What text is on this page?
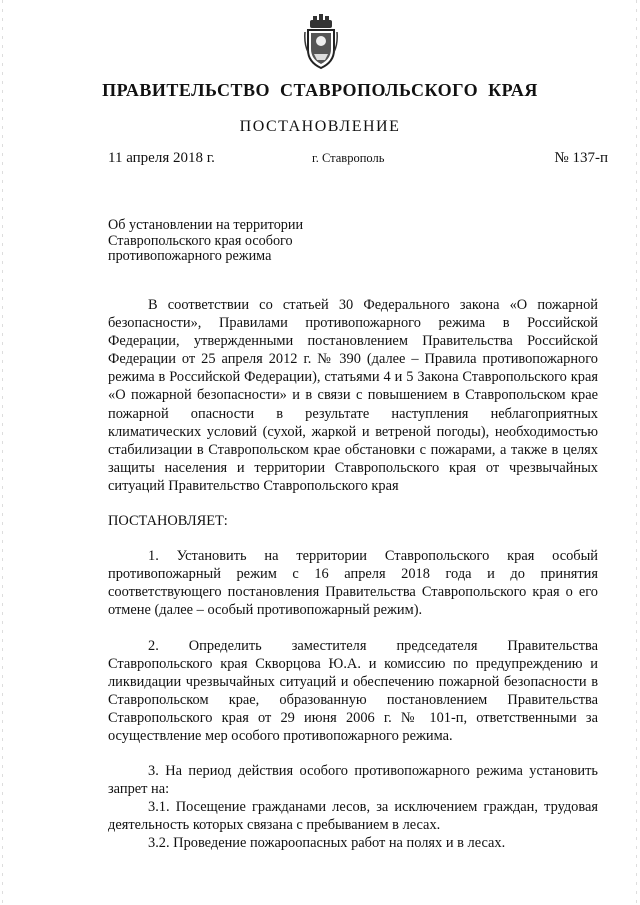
ПРАВИТЕЛЬСТВО СТАВРОПОЛЬСКОГО КРАЯ
ПОСТАНОВЛЕНИЕ
11 апреля 2018 г.	г. Ставрополь	№ 137-п
Об установлении на территории Ставропольского края особого противопожарного режима

В соответствии со статьей 30 Федерального закона «О пожарной безопасности», Правилами противопожарного режима в Российской Федерации, утвержденными постановлением Правительства Российской Федерации от 25 апреля 2012 г. № 390 (далее – Правила противопожарного режима в Российской Федерации), статьями 4 и 5 Закона Ставропольского края «О пожарной безопасности» и в связи с повышением в Ставропольском крае пожарной опасности в результате наступления неблагоприятных климатических условий (сухой, жаркой и ветреной погоды), необходимостью стабилизации в Ставропольском крае обстановки с пожарами, а также в целях защиты населения и территории Ставропольского края от чрезвычайных ситуаций Правительство Ставропольского края

ПОСТАНОВЛЯЕТ:

1. Установить на территории Ставропольского края особый противопожарный режим с 16 апреля 2018 года и до принятия соответствующего постановления Правительства Ставропольского края о его отмене (далее – особый противопожарный режим).

2. Определить заместителя председателя Правительства Ставропольского края Скворцова Ю.А. и комиссию по предупреждению и ликвидации чрезвычайных ситуаций и обеспечению пожарной безопасности в Ставропольском крае, образованную постановлением Правительства Ставропольского края от 29 июня 2006 г. № 101-п, ответственными за осуществление мер особого противопожарного режима.

3. На период действия особого противопожарного режима установить запрет на:

3.1. Посещение гражданами лесов, за исключением граждан, трудовая деятельность которых связана с пребыванием в лесах.

3.2. Проведение пожароопасных работ на полях и в лесах.
